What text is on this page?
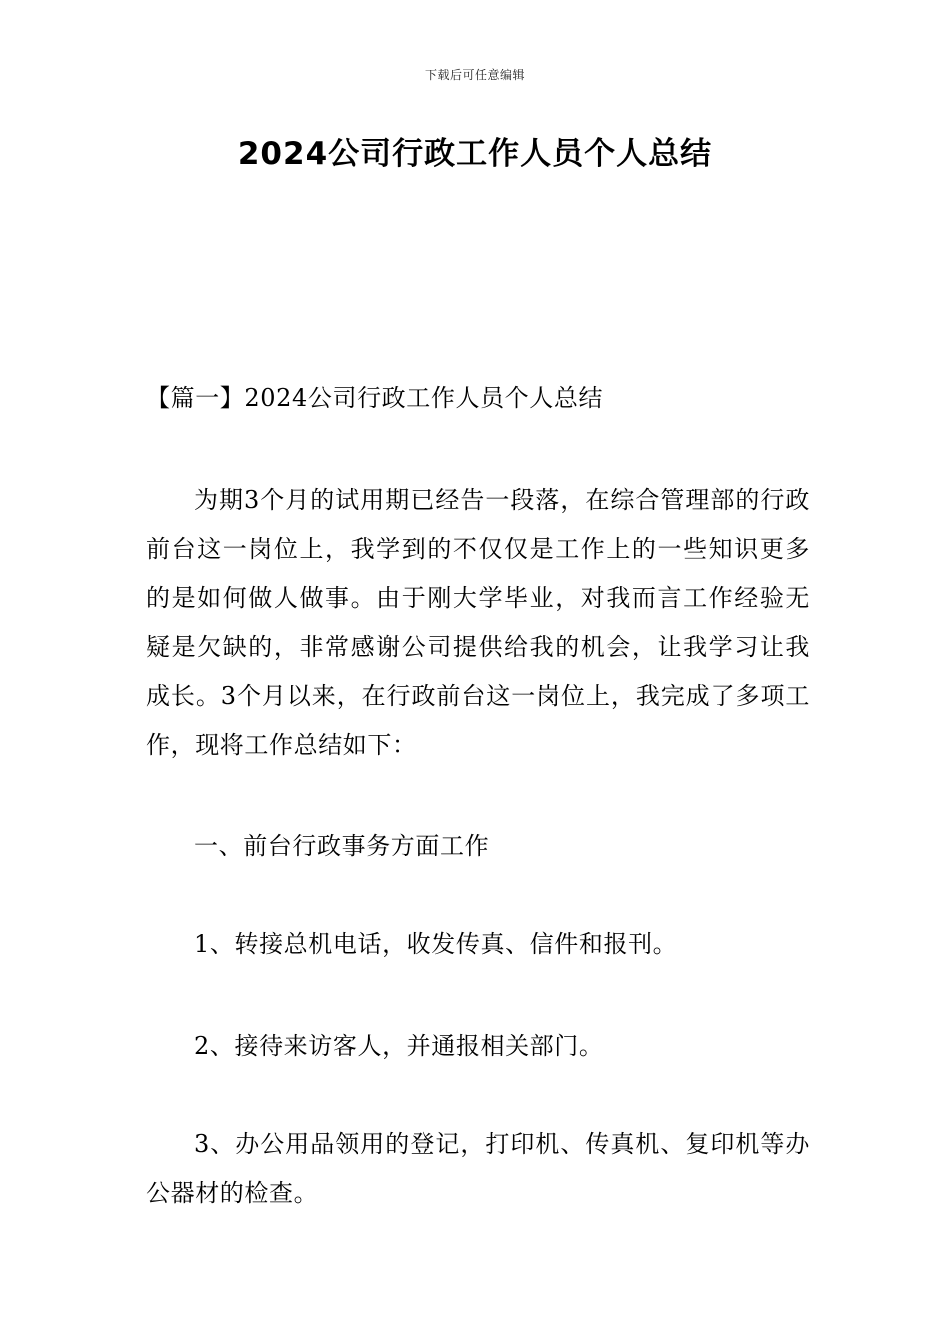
下载后可任意编辑
2024公司行政工作人员个人总结
【篇一】2024公司行政工作人员个人总结
为期3个月的试用期已经告一段落，在综合管理部的行政前台这一岗位上，我学到的不仅仅是工作上的一些知识更多的是如何做人做事。由于刚大学毕业，对我而言工作经验无疑是欠缺的，非常感谢公司提供给我的机会，让我学习让我成长。3个月以来，在行政前台这一岗位上，我完成了多项工作，现将工作总结如下：
一、前台行政事务方面工作
1、转接总机电话，收发传真、信件和报刊。
2、接待来访客人，并通报相关部门。
3、办公用品领用的登记，打印机、传真机、复印机等办公器材的检查。
